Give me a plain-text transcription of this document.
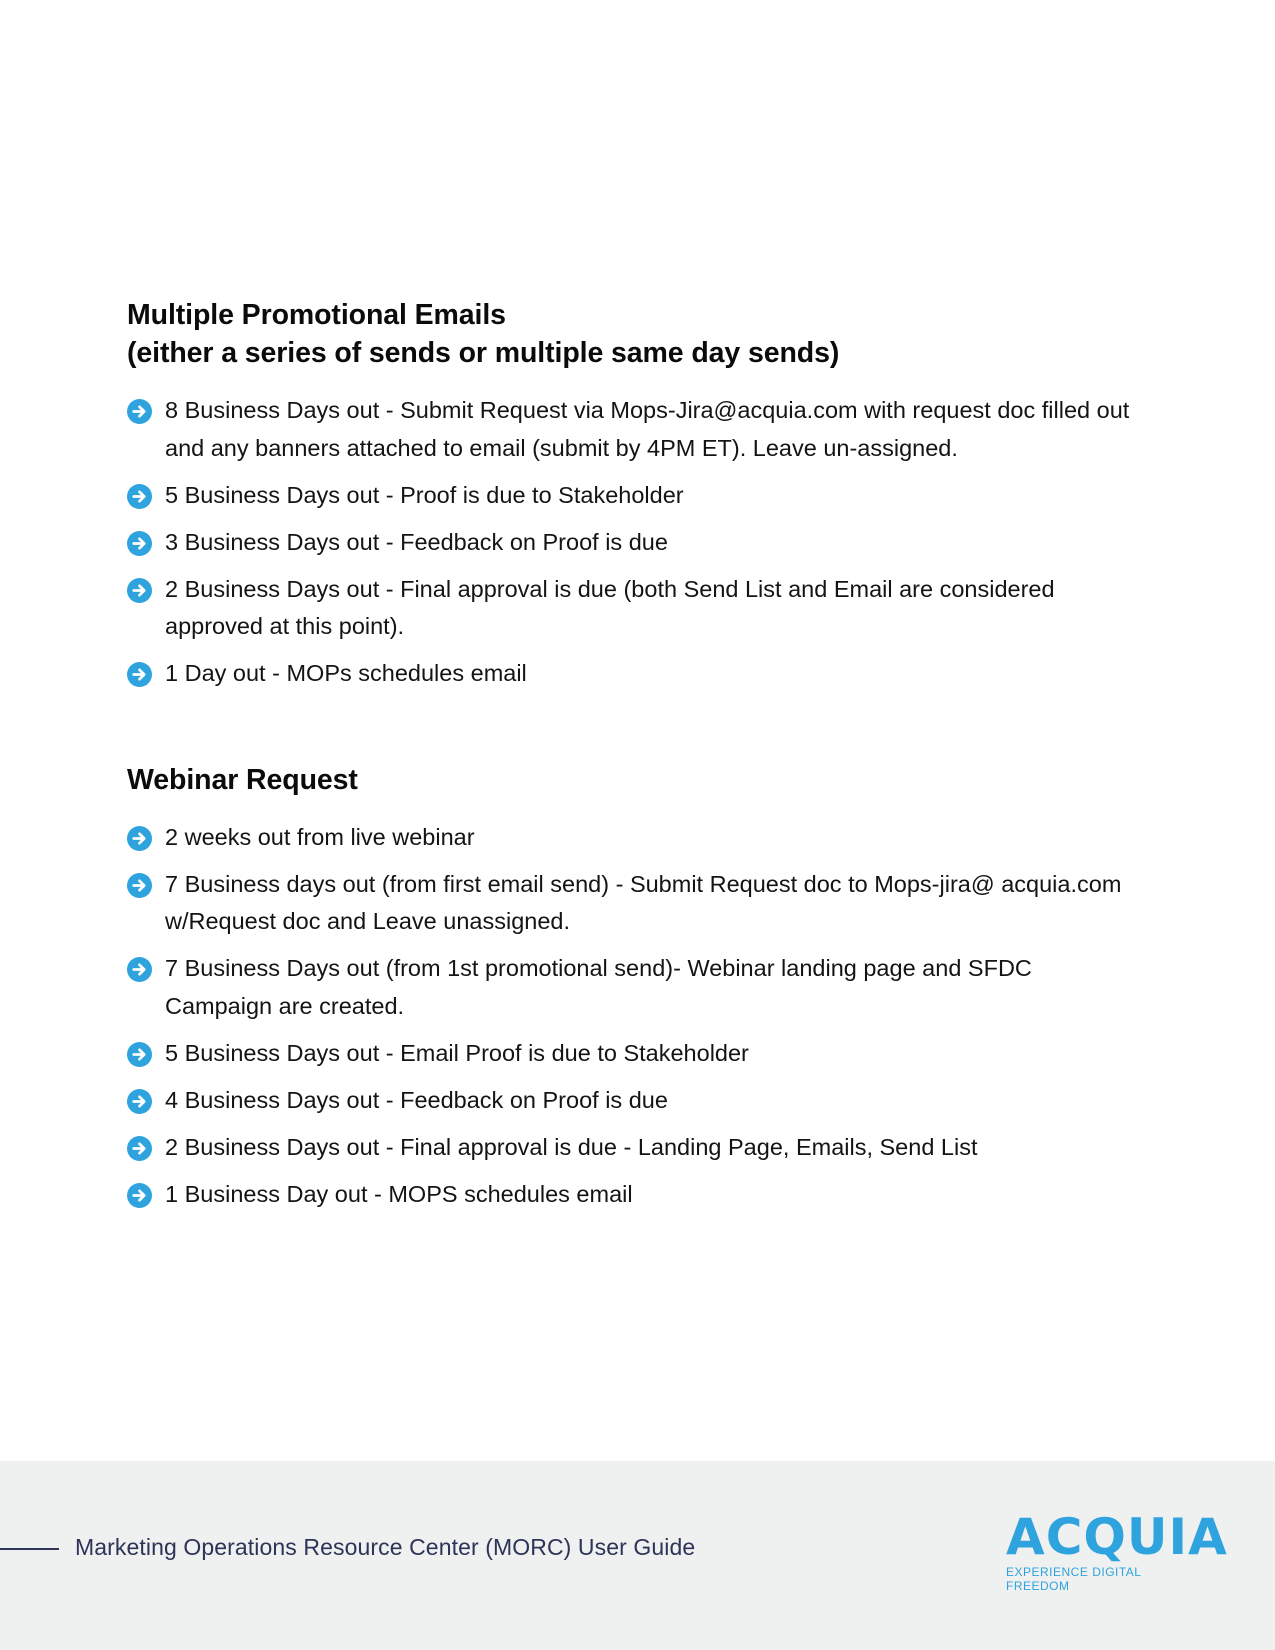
Multiple Promotional Emails
(either a series of sends or multiple same day sends)
8 Business Days out - Submit Request via Mops-Jira@acquia.com with request doc filled out and any banners attached to email (submit by 4PM ET). Leave un-assigned.
5 Business Days out - Proof is due to Stakeholder
3 Business Days out - Feedback on Proof is due
2 Business Days out - Final approval is due (both Send List and Email are considered approved at this point).
1 Day out - MOPs schedules email
Webinar Request
2 weeks out from live webinar
7 Business days out (from first email send) - Submit Request doc to Mops-jira@ acquia.com w/Request doc and Leave unassigned.
7 Business Days out (from 1st promotional send)- Webinar landing page and SFDC Campaign are created.
5 Business Days out - Email Proof is due to Stakeholder
4 Business Days out - Feedback on Proof is due
2 Business Days out - Final approval is due - Landing Page, Emails, Send List
1 Business Day out - MOPS schedules email
Marketing Operations Resource Center (MORC) User Guide	ACQUIA
EXPERIENCE DIGITAL FREEDOM
